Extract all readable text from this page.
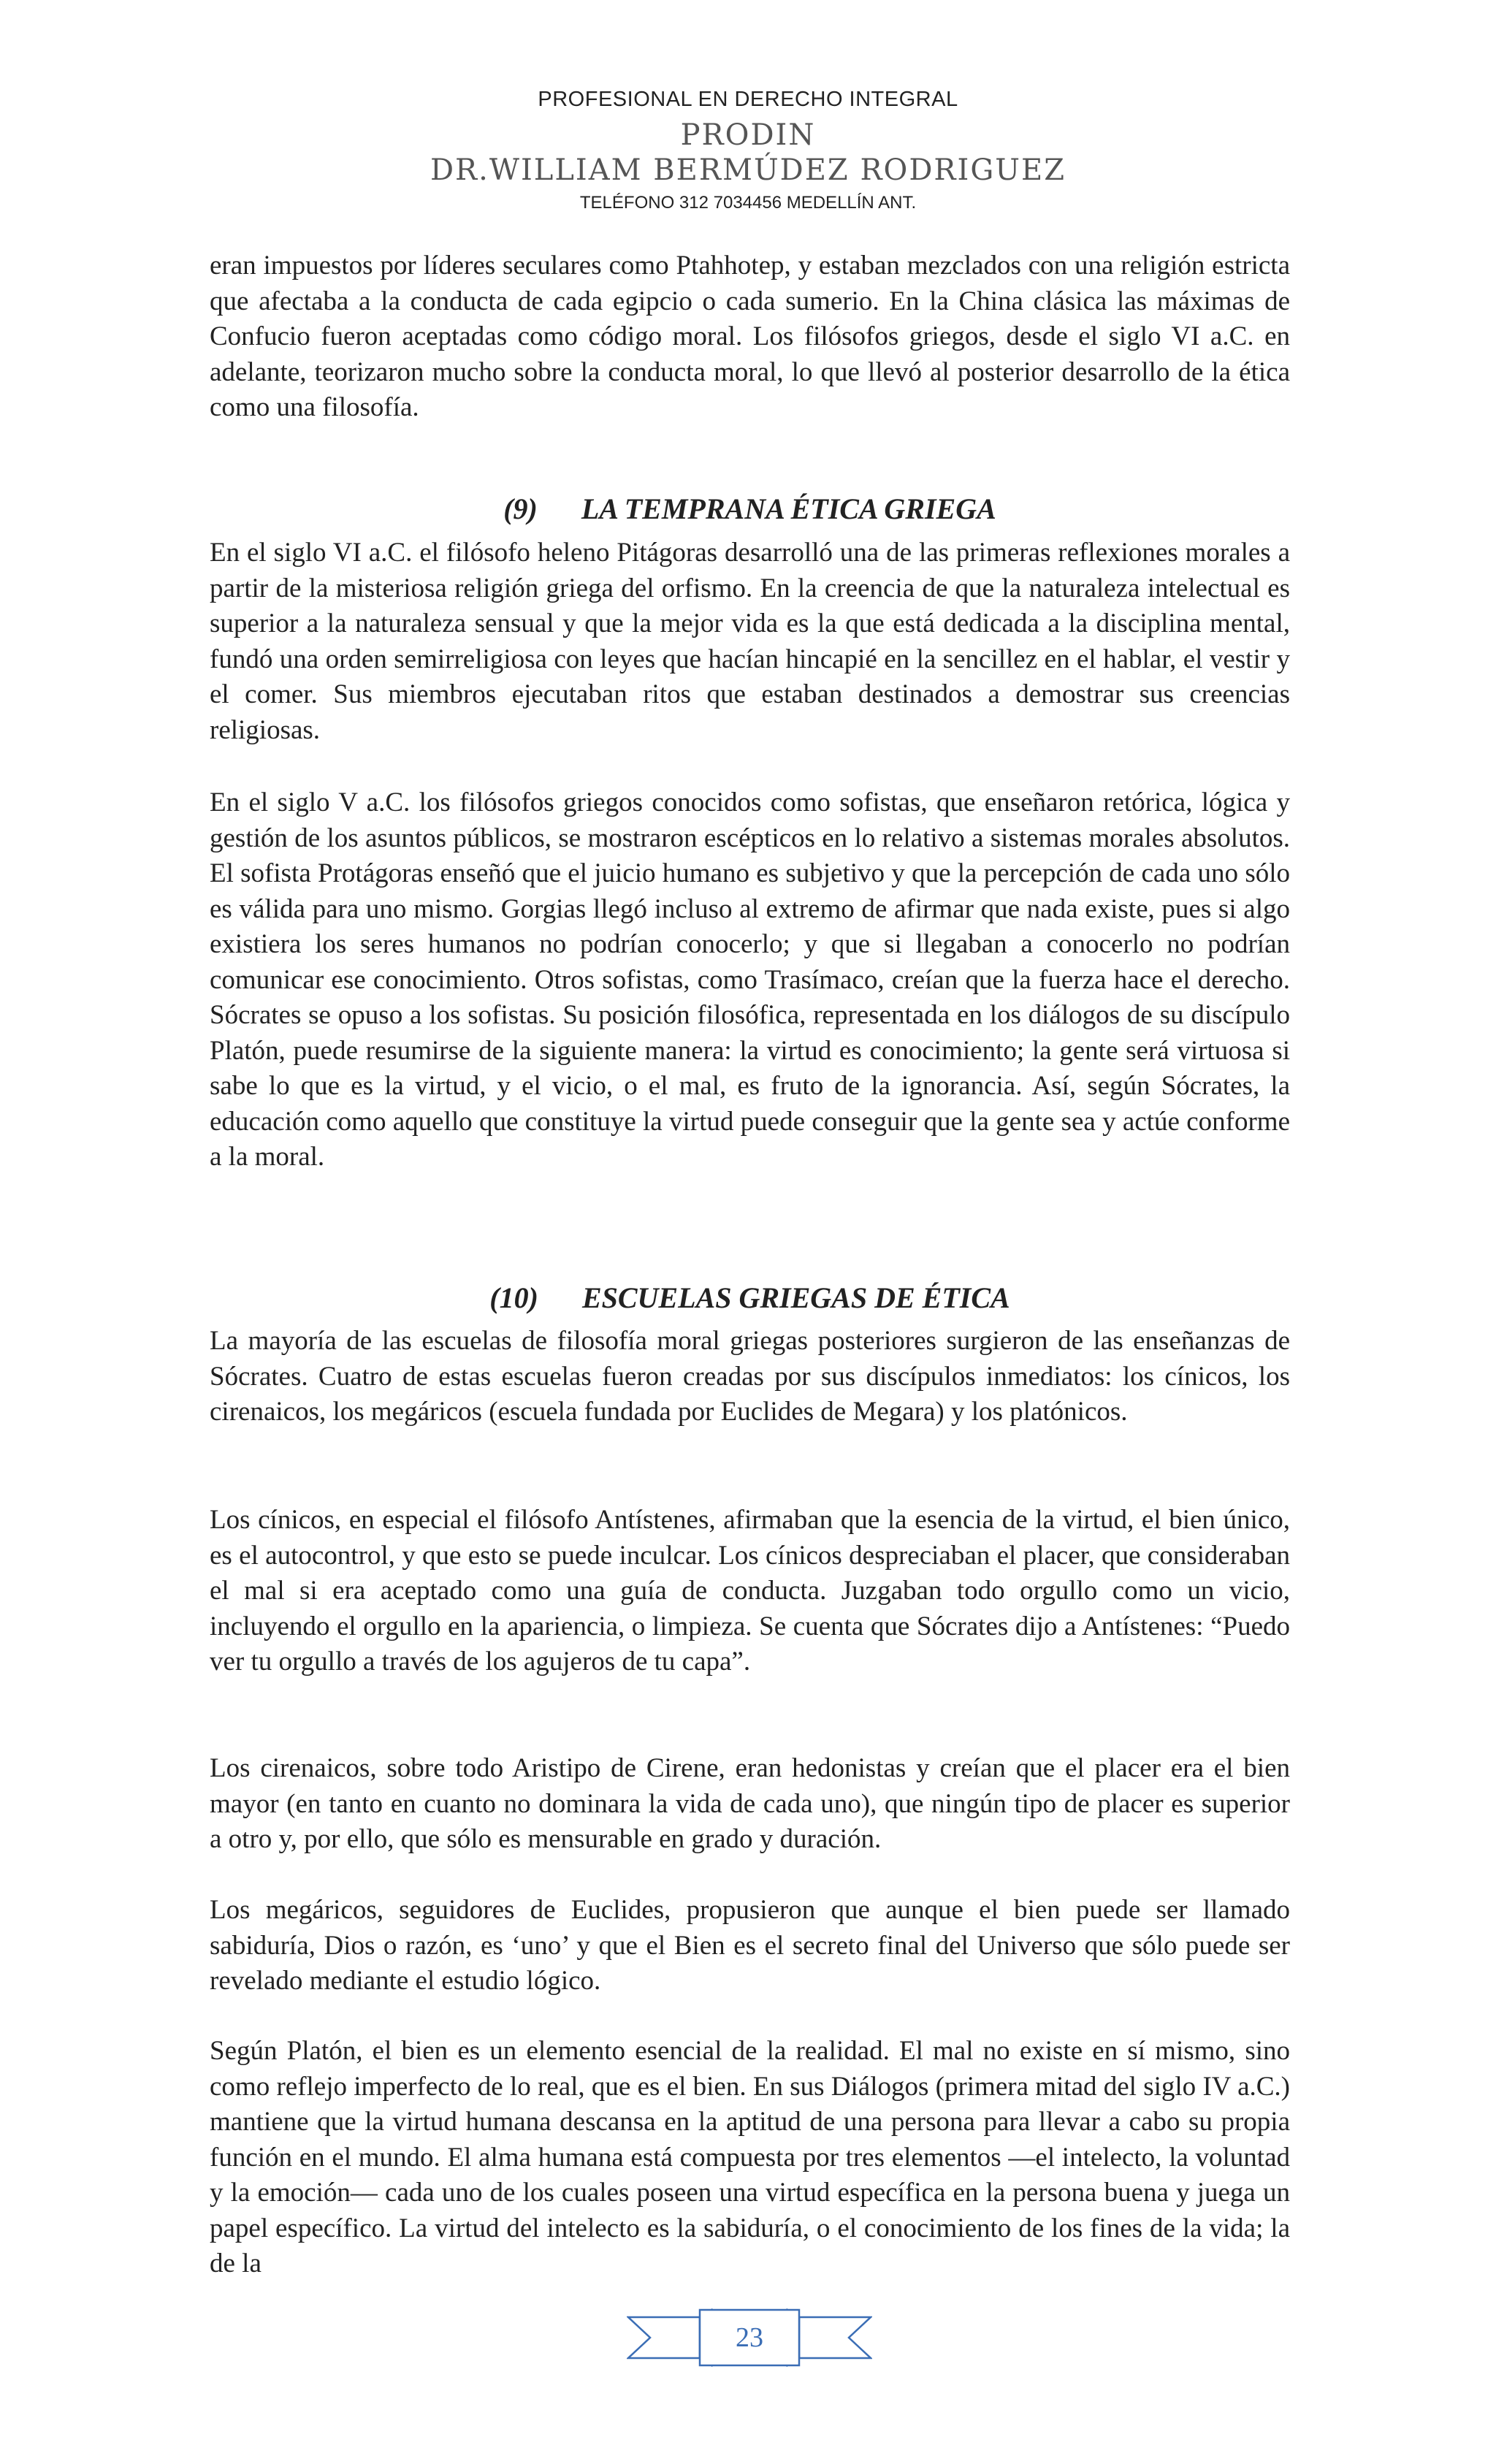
PROFESIONAL EN DERECHO INTEGRAL
PRODIN
DR.WILLIAM BERMÚDEZ RODRIGUEZ
TELÉFONO 312 7034456 MEDELLÍN ANT.

eran impuestos por líderes seculares como Ptahhotep, y estaban mezclados con una religión estricta que afectaba a la conducta de cada egipcio o cada sumerio. En la China clásica las máximas de Confucio fueron aceptadas como código moral. Los filósofos griegos, desde el siglo VI a.C. en adelante, teorizaron mucho sobre la conducta moral, lo que llevó al posterior desarrollo de la ética como una filosofía.

(9) LA TEMPRANA ÉTICA GRIEGA

En el siglo VI a.C. el filósofo heleno Pitágoras desarrolló una de las primeras reflexiones morales a partir de la misteriosa religión griega del orfismo. En la creencia de que la naturaleza intelectual es superior a la naturaleza sensual y que la mejor vida es la que está dedicada a la disciplina mental, fundó una orden semirreligiosa con leyes que hacían hincapié en la sencillez en el hablar, el vestir y el comer. Sus miembros ejecutaban ritos que estaban destinados a demostrar sus creencias religiosas.

En el siglo V a.C. los filósofos griegos conocidos como sofistas, que enseñaron retórica, lógica y gestión de los asuntos públicos, se mostraron escépticos en lo relativo a sistemas morales absolutos. El sofista Protágoras enseñó que el juicio humano es subjetivo y que la percepción de cada uno sólo es válida para uno mismo. Gorgias llegó incluso al extremo de afirmar que nada existe, pues si algo existiera los seres humanos no podrían conocerlo; y que si llegaban a conocerlo no podrían comunicar ese conocimiento. Otros sofistas, como Trasímaco, creían que la fuerza hace el derecho. Sócrates se opuso a los sofistas. Su posición filosófica, representada en los diálogos de su discípulo Platón, puede resumirse de la siguiente manera: la virtud es conocimiento; la gente será virtuosa si sabe lo que es la virtud, y el vicio, o el mal, es fruto de la ignorancia. Así, según Sócrates, la educación como aquello que constituye la virtud puede conseguir que la gente sea y actúe conforme a la moral.

(10) ESCUELAS GRIEGAS DE ÉTICA

La mayoría de las escuelas de filosofía moral griegas posteriores surgieron de las enseñanzas de Sócrates. Cuatro de estas escuelas fueron creadas por sus discípulos inmediatos: los cínicos, los cirenaicos, los megáricos (escuela fundada por Euclides de Megara) y los platónicos.

Los cínicos, en especial el filósofo Antístenes, afirmaban que la esencia de la virtud, el bien único, es el autocontrol, y que esto se puede inculcar. Los cínicos despreciaban el placer, que consideraban el mal si era aceptado como una guía de conducta. Juzgaban todo orgullo como un vicio, incluyendo el orgullo en la apariencia, o limpieza. Se cuenta que Sócrates dijo a Antístenes: “Puedo ver tu orgullo a través de los agujeros de tu capa”.

Los cirenaicos, sobre todo Aristipo de Cirene, eran hedonistas y creían que el placer era el bien mayor (en tanto en cuanto no dominara la vida de cada uno), que ningún tipo de placer es superior a otro y, por ello, que sólo es mensurable en grado y duración.

Los megáricos, seguidores de Euclides, propusieron que aunque el bien puede ser llamado sabiduría, Dios o razón, es ‘uno’ y que el Bien es el secreto final del Universo que sólo puede ser revelado mediante el estudio lógico.

Según Platón, el bien es un elemento esencial de la realidad. El mal no existe en sí mismo, sino como reflejo imperfecto de lo real, que es el bien. En sus Diálogos (primera mitad del siglo IV a.C.) mantiene que la virtud humana descansa en la aptitud de una persona para llevar a cabo su propia función en el mundo. El alma humana está compuesta por tres elementos —el intelecto, la voluntad y la emoción— cada uno de los cuales poseen una virtud específica en la persona buena y juega un papel específico. La virtud del intelecto es la sabiduría, o el conocimiento de los fines de la vida; la de la

23
